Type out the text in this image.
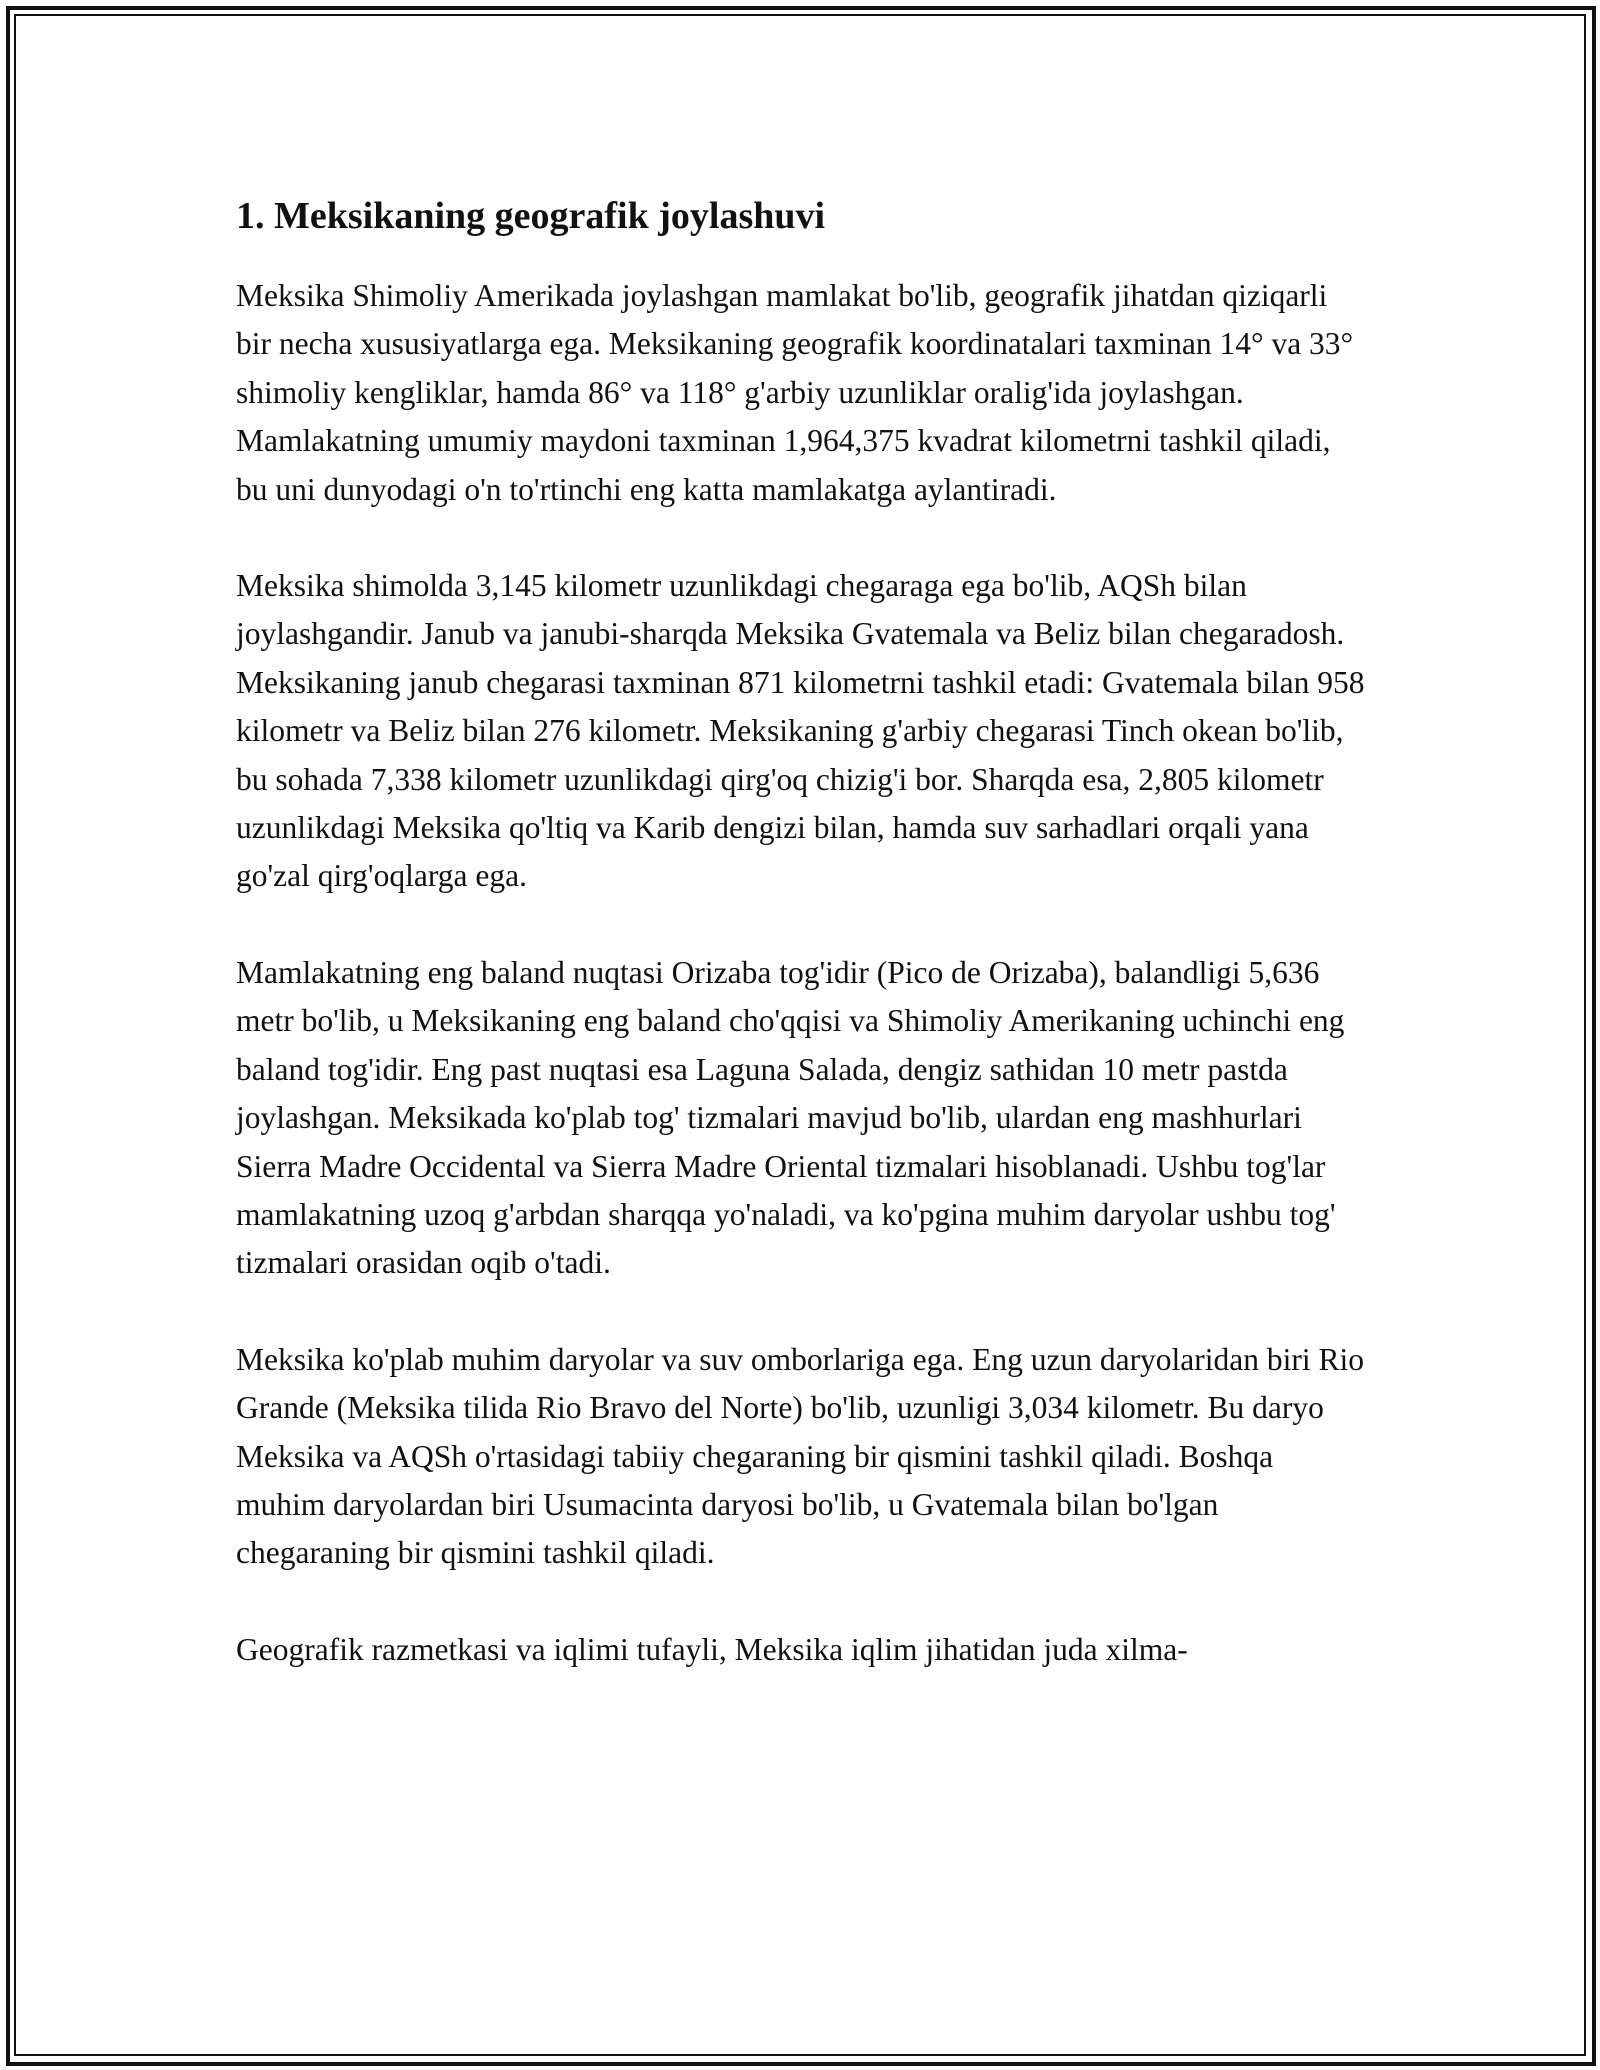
1. Meksikaning geografik joylashuvi

Meksika Shimoliy Amerikada joylashgan mamlakat bo'lib, geografik jihatdan qiziqarli bir necha xususiyatlarga ega. Meksikaning geografik koordinatalari taxminan 14° va 33° shimoliy kengliklar, hamda 86° va 118° g'arbiy uzunliklar oralig'ida joylashgan. Mamlakatning umumiy maydoni taxminan 1,964,375 kvadrat kilometrni tashkil qiladi, bu uni dunyodagi o'n to'rtinchi eng katta mamlakatga aylantiradi.

Meksika shimolda 3,145 kilometr uzunlikdagi chegaraga ega bo'lib, AQSh bilan joylashgandir. Janub va janubi-sharqda Meksika Gvatemala va Beliz bilan chegaradosh. Meksikaning janub chegarasi taxminan 871 kilometrni tashkil etadi: Gvatemala bilan 958 kilometr va Beliz bilan 276 kilometr. Meksikaning g'arbiy chegarasi Tinch okean bo'lib, bu sohada 7,338 kilometr uzunlikdagi qirg'oq chizig'i bor. Sharqda esa, 2,805 kilometr uzunlikdagi Meksika qo'ltiq va Karib dengizi bilan, hamda suv sarhadlari orqali yana go'zal qirg'oqlarga ega.

Mamlakatning eng baland nuqtasi Orizaba tog'idir (Pico de Orizaba), balandligi 5,636 metr bo'lib, u Meksikaning eng baland cho'qqisi va Shimoliy Amerikaning uchinchi eng baland tog'idir. Eng past nuqtasi esa Laguna Salada, dengiz sathidan 10 metr pastda joylashgan. Meksikada ko'plab tog' tizmalari mavjud bo'lib, ulardan eng mashhurlari Sierra Madre Occidental va Sierra Madre Oriental tizmalari hisoblanadi. Ushbu tog'lar mamlakatning uzoq g'arbdan sharqqa yo'naladi, va ko'pgina muhim daryolar ushbu tog' tizmalari orasidan oqib o'tadi.

Meksika ko'plab muhim daryolar va suv omborlariga ega. Eng uzun daryolaridan biri Rio Grande (Meksika tilida Rio Bravo del Norte) bo'lib, uzunligi 3,034 kilometr. Bu daryo Meksika va AQSh o'rtasidagi tabiiy chegaraning bir qismini tashkil qiladi. Boshqa muhim daryolardan biri Usumacinta daryosi bo'lib, u Gvatemala bilan bo'lgan chegaraning bir qismini tashkil qiladi.

Geografik razmetkasi va iqlimi tufayli, Meksika iqlim jihatidan juda xilma-
